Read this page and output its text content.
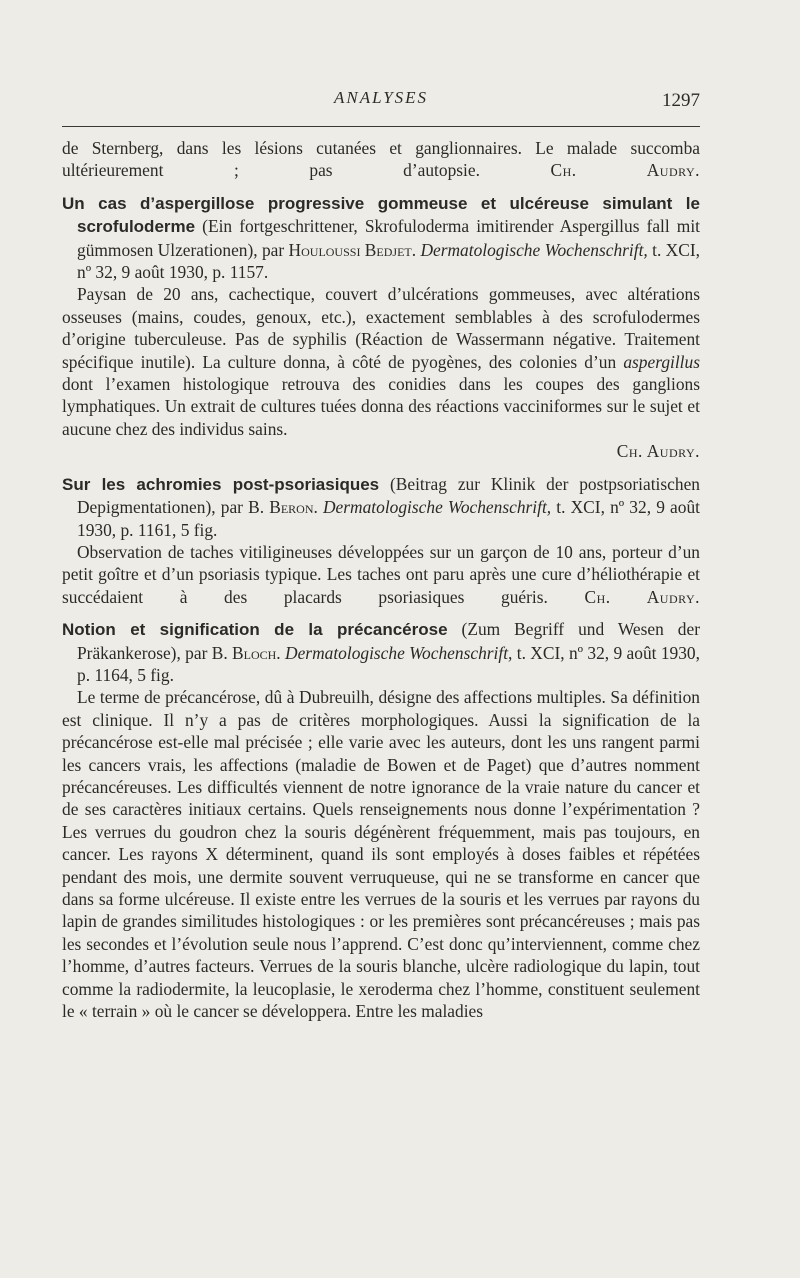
ANALYSES	1297

de Sternberg, dans les lésions cutanées et ganglionnaires. Le malade succomba ultérieurement ; pas d’autopsie.	Ch. Audry.

Un cas d’aspergillose progressive gommeuse et ulcéreuse simulant le scrofuloderme (Ein fortgeschrittener, Skrofuloderma imitirender Aspergillus fall mit gümmosen Ulzerationen), par Houloussi Bedjet. Dermatologische Wochenschrift, t. XCI, nº 32, 9 août 1930, p. 1157.

Paysan de 20 ans, cachectique, couvert d’ulcérations gommeuses, avec altérations osseuses (mains, coudes, genoux, etc.), exactement semblables à des scrofulodermes d’origine tuberculeuse. Pas de syphilis (Réaction de Wassermann négative. Traitement spécifique inutile). La culture donna, à côté de pyogènes, des colonies d’un aspergillus dont l’examen histologique retrouva des conidies dans les coupes des ganglions lymphatiques. Un extrait de cultures tuées donna des réactions vacciniformes sur le sujet et aucune chez des individus sains.

Ch. Audry.

Sur les achromies post-psoriasiques (Beitrag zur Klinik der postpsoriatischen Depigmentationen), par B. Beron. Dermatologische Wochenschrift, t. XCI, nº 32, 9 août 1930, p. 1161, 5 fig.

Observation de taches vitiligineuses développées sur un garçon de 10 ans, porteur d’un petit goître et d’un psoriasis typique. Les taches ont paru après une cure d’héliothérapie et succédaient à des placards psoriasiques guéris. Ch. Audry.

Notion et signification de la précancérose (Zum Begriff und Wesen der Präkankerose), par B. Bloch. Dermatologische Wochenschrift, t. XCI, nº 32, 9 août 1930, p. 1164, 5 fig.

Le terme de précancérose, dû à Dubreuilh, désigne des affections multiples. Sa définition est clinique. Il n’y a pas de critères morphologiques. Aussi la signification de la précancérose est-elle mal précisée ; elle varie avec les auteurs, dont les uns rangent parmi les cancers vrais, les affections (maladie de Bowen et de Paget) que d’autres nomment précancéreuses. Les difficultés viennent de notre ignorance de la vraie nature du cancer et de ses caractères initiaux certains. Quels renseignements nous donne l’expérimentation ? Les verrues du goudron chez la souris dégénèrent fréquemment, mais pas toujours, en cancer. Les rayons X déterminent, quand ils sont employés à doses faibles et répétées pendant des mois, une dermite souvent verruqueuse, qui ne se transforme en cancer que dans sa forme ulcéreuse. Il existe entre les verrues de la souris et les verrues par rayons du lapin de grandes similitudes histologiques : or les premières sont précancéreuses ; mais pas les secondes et l’évolution seule nous l’apprend. C’est donc qu’interviennent, comme chez l’homme, d’autres facteurs. Verrues de la souris blanche, ulcère radiologique du lapin, tout comme la radiodermite, la leucoplasie, le xeroderma chez l’homme, constituent seulement le « terrain » où le cancer se développera. Entre les maladies
